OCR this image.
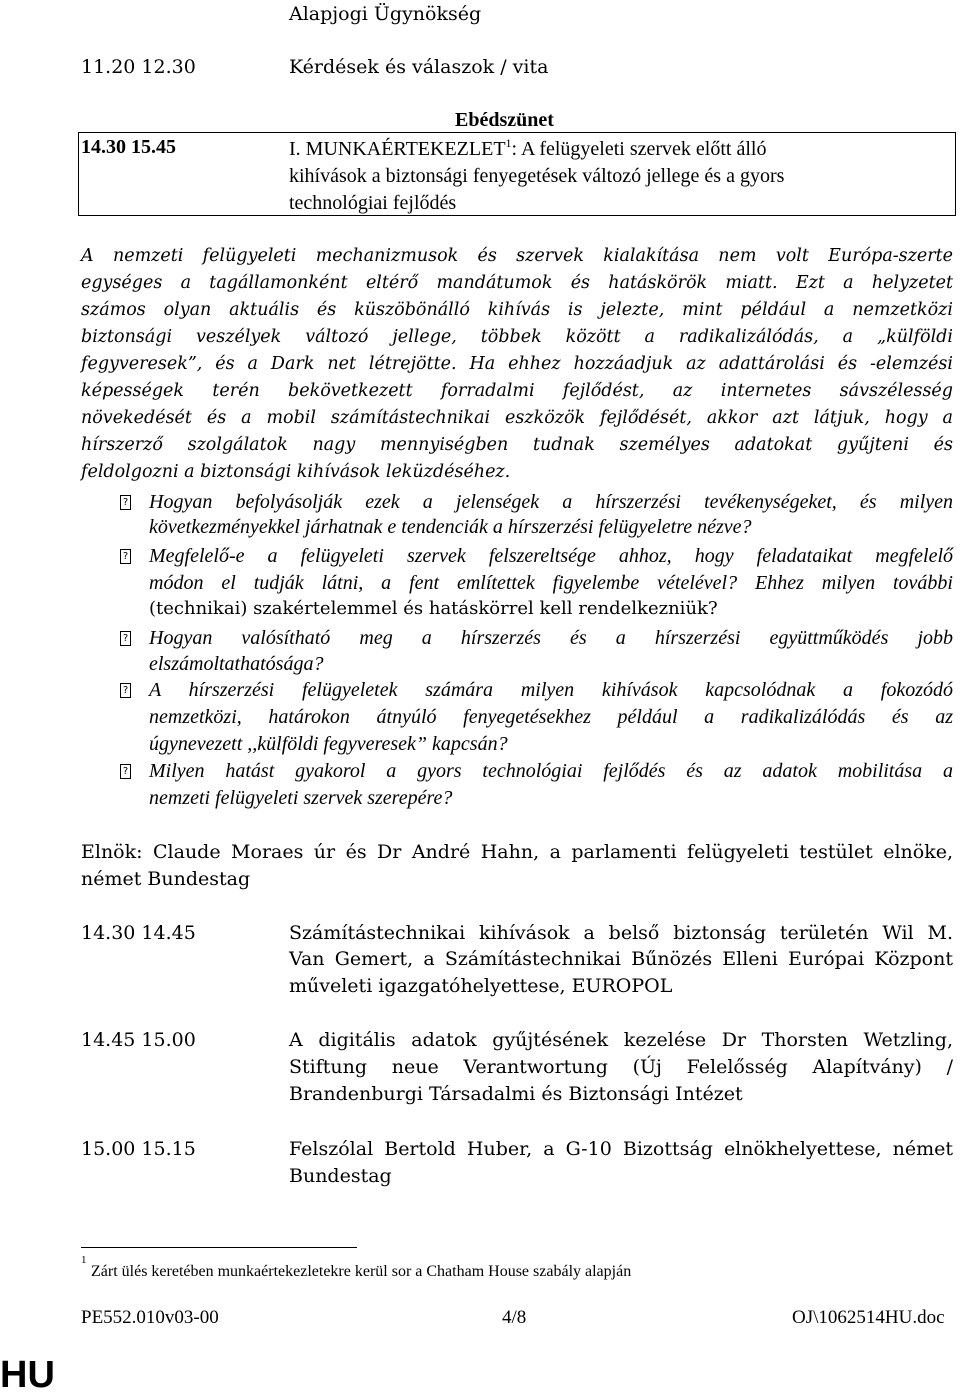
Alapjogi Ügynökség
11.20 12.30	Kérdések és válaszok / vita
Ebédszünet
14.30 15.45	I. MUNKAÉRTEKEZLET$^1$: A felügyeleti szervek előtt álló
kihívások a biztonsági fenyegetések változó jellege és a gyors
technológiai fejlődés
A nemzeti felügyeleti mechanizmusok és szervek kialakítása nem volt Európa-szerte
egységes a tagállamonként eltérő mandátumok és hatáskörök miatt. Ezt a helyzetet
számos olyan aktuális és küszöbönálló kihívás is jelezte, mint például a nemzetközi
biztonsági veszélyek változó jellege, többek között a radikalizálódás, a „külföldi
fegyveresek”, és a Dark net létrejötte. Ha ehhez hozzáadjuk az adattárolási és -elemzési
képességek terén bekövetkezett forradalmi fejlődést, az internetes sávszélesség
növekedését és a mobil számítástechnikai eszközök fejlődését, akkor azt látjuk, hogy a
hírszerző szolgálatok nagy mennyiségben tudnak személyes adatokat gyűjteni és
feldolgozni a biztonsági kihívások leküzdéséhez.
? Hogyan befolyásolják ezek a jelenségek a hírszerzési tevékenységeket, és milyen
következményekkel járhatnak e tendenciák a hírszerzési felügyeletre nézve?
? Megfelelő-e a felügyeleti szervek felszereltsége ahhoz, hogy feladataikat megfelelő
módon el tudják látni, a fent említettek figyelembe vételével? Ehhez milyen további
(technikai) szakértelemmel és hatáskörrel kell rendelkezniük?
? Hogyan valósítható meg a hírszerzés és a hírszerzési együttműködés jobb
elszámoltathatósága?
? A hírszerzési felügyeletek számára milyen kihívások kapcsolódnak a fokozódó
nemzetközi, határokon átnyúló fenyegetésekhez például a radikalizálódás és az
úgynevezett ,,külföldi fegyveresek” kapcsán?
? Milyen hatást gyakorol a gyors technológiai fejlődés és az adatok mobilitása a
nemzeti felügyeleti szervek szerepére?
Elnök: Claude Moraes úr és Dr André Hahn, a parlamenti felügyeleti testület elnöke,
német Bundestag
14.30 14.45	Számítástechnikai kihívások a belső biztonság területén Wil M.
Van Gemert, a Számítástechnikai Bűnözés Elleni Európai Központ
műveleti igazgatóhelyettese, EUROPOL
14.45 15.00	A digitális adatok gyűjtésének kezelése Dr Thorsten Wetzling,
Stiftung neue Verantwortung (Új Felelősség Alapítvány) /
Brandenburgi Társadalmi és Biztonsági Intézet
15.00 15.15	Felszólal Bertold Huber, a G-10 Bizottság elnökhelyettese, német
Bundestag
1
Zárt ülés keretében munkaértekezletekre kerül sor a Chatham House szabály alapján
PE552.010v03-00	4/8	OJ\1062514HU.doc
HU
